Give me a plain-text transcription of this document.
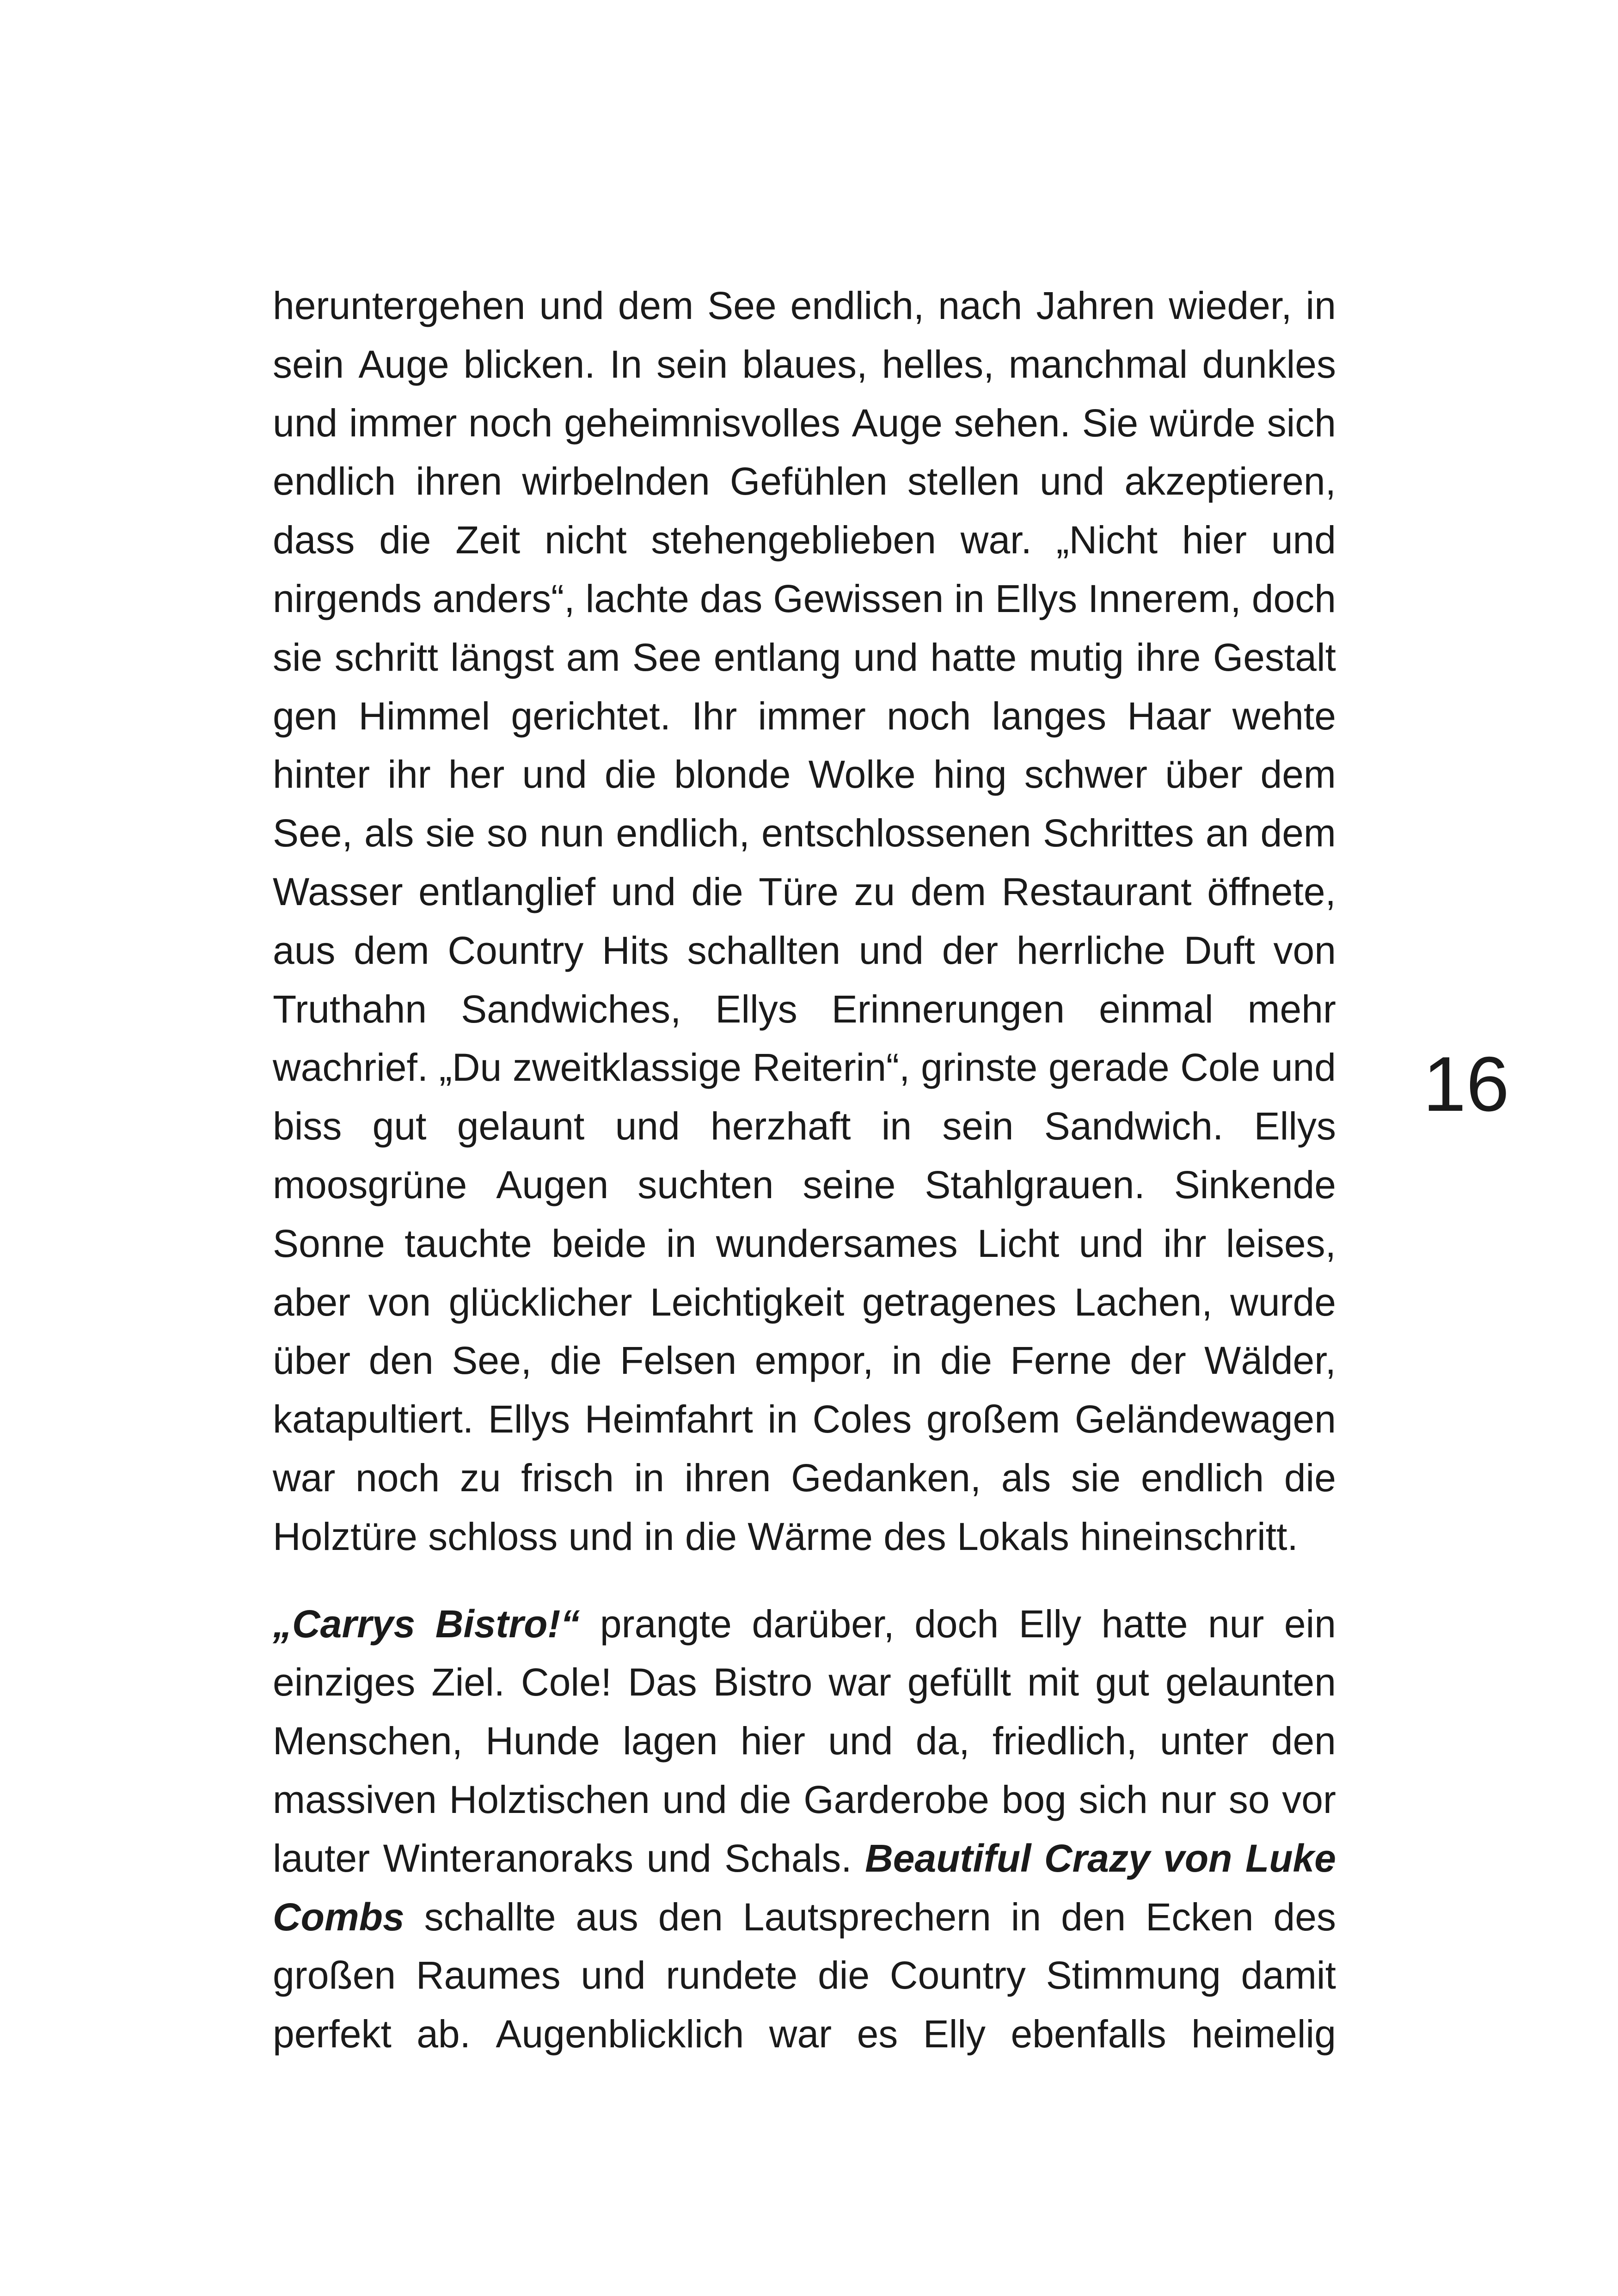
heruntergehen und dem See endlich, nach Jahren wieder, in
sein Auge blicken. In sein blaues, helles, manchmal dunkles
und immer noch geheimnisvolles Auge sehen. Sie würde sich
endlich ihren wirbelnden Gefühlen stellen und akzeptieren,
dass die Zeit nicht stehengeblieben war. „Nicht hier und
nirgends anders“, lachte das Gewissen in Ellys Innerem, doch
sie schritt längst am See entlang und hatte mutig ihre Gestalt
gen Himmel gerichtet. Ihr immer noch langes Haar wehte
hinter ihr her und die blonde Wolke hing schwer über dem
See, als sie so nun endlich, entschlossenen Schrittes an dem
Wasser entlanglief und die Türe zu dem Restaurant öffnete,
aus dem Country Hits schallten und der herrliche Duft von
Truthahn Sandwiches, Ellys Erinnerungen einmal mehr
wachrief. „Du zweitklassige Reiterin“, grinste gerade Cole und
biss gut gelaunt und herzhaft in sein Sandwich. Ellys
moosgrüne Augen suchten seine Stahlgrauen. Sinkende
Sonne tauchte beide in wundersames Licht und ihr leises,
aber von glücklicher Leichtigkeit getragenes Lachen, wurde
über den See, die Felsen empor, in die Ferne der Wälder,
katapultiert. Ellys Heimfahrt in Coles großem Geländewagen
war noch zu frisch in ihren Gedanken, als sie endlich die
Holztüre
schloss
und
in
die
Wärme
des
Lokals
hineinschritt.
„Carrys Bistro!“ prangte darüber, doch Elly hatte nur ein
einziges Ziel. Cole! Das Bistro war gefüllt mit gut gelaunten
Menschen, Hunde lagen hier und da, friedlich, unter den
massiven Holztischen und die Garderobe bog sich nur so vor
lauter Winteranoraks und Schals. Beautiful Crazy von Luke
Combs schallte aus den Lautsprechern in den Ecken des
großen Raumes und rundete die Country Stimmung damit
perfekt ab. Augenblicklich war es Elly ebenfalls heimelig
16
